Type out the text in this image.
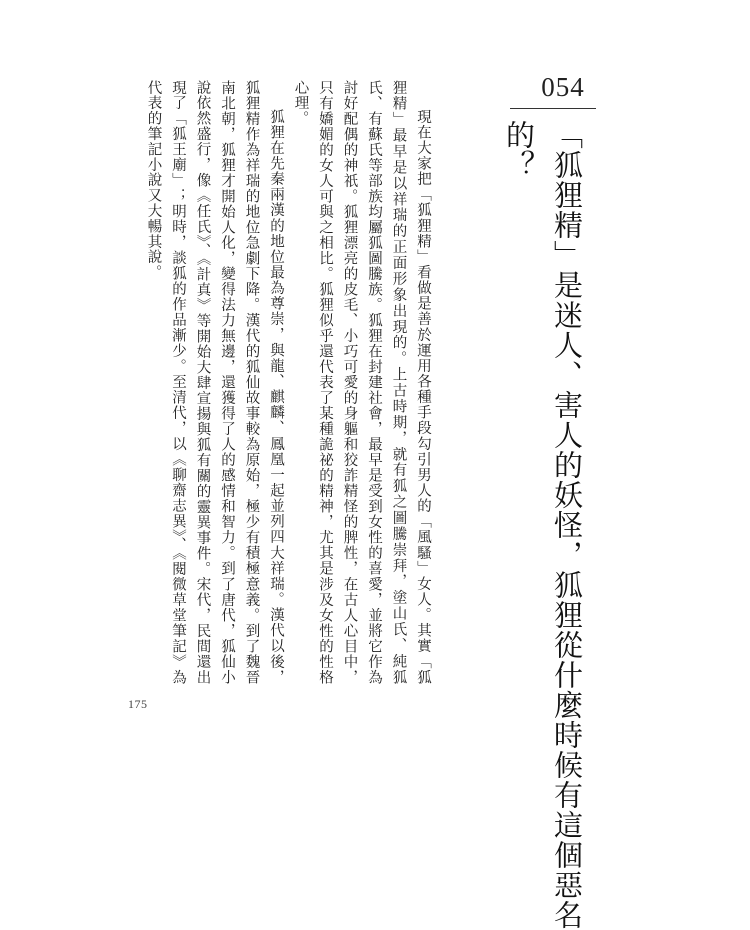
054
「狐狸精」是迷人、害人的妖怪，狐狸從什麼時候有這個惡名
的？

現在大家把「狐狸精」看做是善於運用各種手段勾引男人的「風騷」女人。其實「狐狸精」最早是以祥瑞的正面形象出現的。上古時期，就有狐之圖騰崇拜，塗山氏、純狐氏、有蘇氏等部族均屬狐圖騰族。狐狸在封建社會，最早是受到女性的喜愛，並將它作為討好配偶的神祇。狐狸漂亮的皮毛、小巧可愛的身軀和狡詐精怪的脾性，在古人心目中，只有嬌媚的女人可與之相比。狐狸似乎還代表了某種詭祕的精神，尤其是涉及女性的性格心理。

狐狸在先秦兩漢的地位最為尊崇，與龍、麒麟、鳳凰一起並列四大祥瑞。漢代以後，狐狸精作為祥瑞的地位急劇下降。漢代的狐仙故事較為原始，極少有積極意義。到了魏晉南北朝，狐狸才開始人化，變得法力無邊，還獲得了人的感情和智力。到了唐代，狐仙小說依然盛行，像《任氏》、《計真》等開始大肆宣揚與狐有關的靈異事件。宋代，民間還出現了「狐王廟」；明時，談狐的作品漸少。至清代，以《聊齋志異》、《閱微草堂筆記》為代表的筆記小說又大暢其說。

175
